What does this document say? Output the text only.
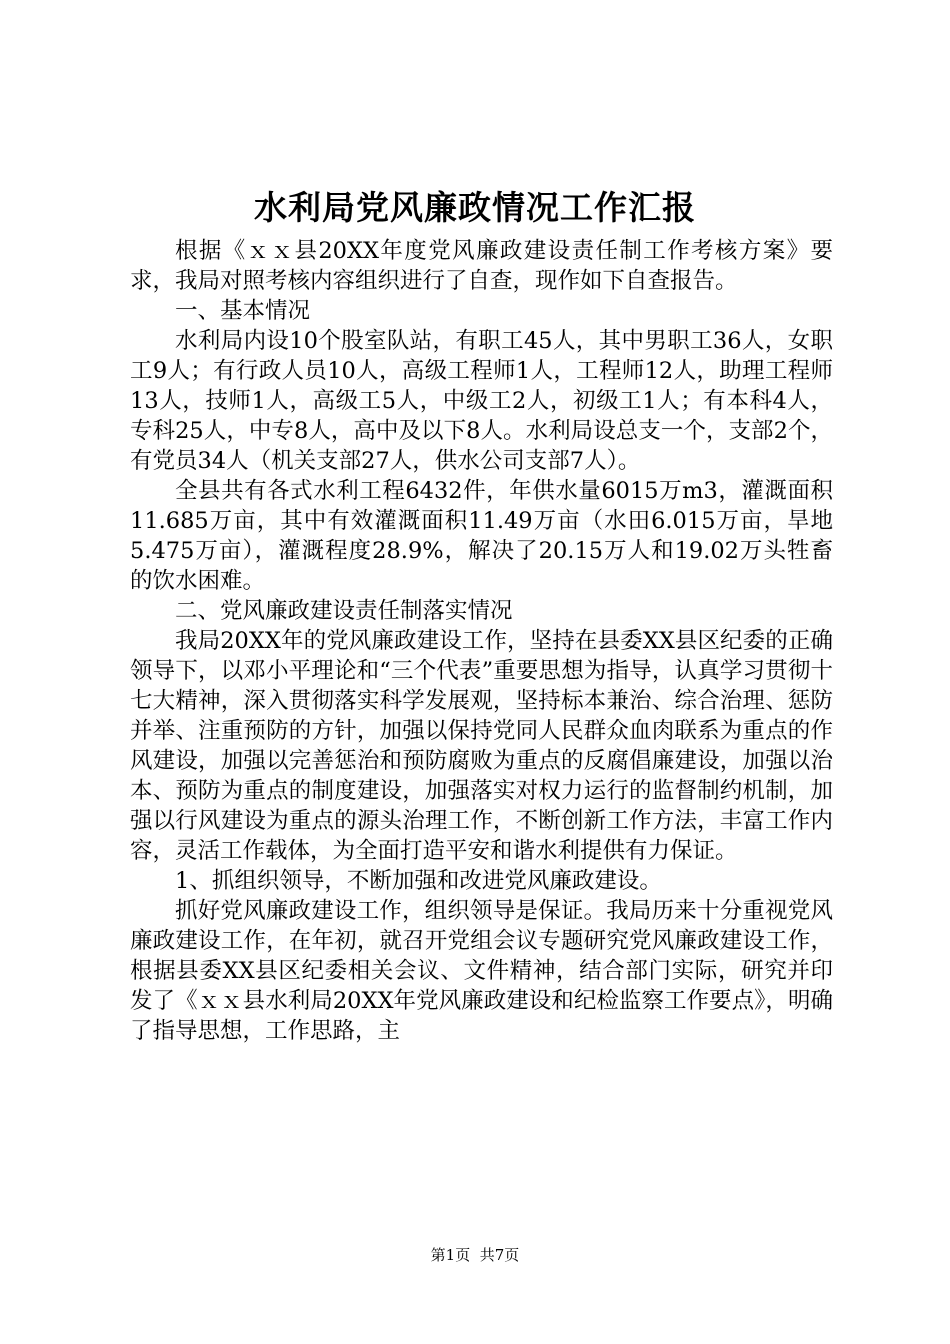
水利局党风廉政情况工作汇报

根据《ｘｘ县20XX年度党风廉政建设责任制工作考核方案》要求，我局对照考核内容组织进行了自查，现作如下自查报告。

一、基本情况

水利局内设10个股室队站，有职工45人，其中男职工36人，女职工9人；有行政人员10人，高级工程师1人，工程师12人，助理工程师13人，技师1人，高级工5人，中级工2人，初级工1人；有本科4人，专科25人，中专8人，高中及以下8人。水利局设总支一个，支部2个，有党员34人（机关支部27人，供水公司支部7人）。

全县共有各式水利工程6432件，年供水量6015万m3，灌溉面积11.685万亩，其中有效灌溉面积11.49万亩（水田6.015万亩，旱地5.475万亩），灌溉程度28.9%，解决了20.15万人和19.02万头牲畜的饮水困难。

二、党风廉政建设责任制落实情况

我局20XX年的党风廉政建设工作，坚持在县委XX县区纪委的正确领导下，以邓小平理论和“三个代表”重要思想为指导，认真学习贯彻十七大精神，深入贯彻落实科学发展观，坚持标本兼治、综合治理、惩防并举、注重预防的方针，加强以保持党同人民群众血肉联系为重点的作风建设，加强以完善惩治和预防腐败为重点的反腐倡廉建设，加强以治本、预防为重点的制度建设，加强落实对权力运行的监督制约机制，加强以行风建设为重点的源头治理工作，不断创新工作方法，丰富工作内容，灵活工作载体，为全面打造平安和谐水利提供有力保证。

1、抓组织领导，不断加强和改进党风廉政建设。

抓好党风廉政建设工作，组织领导是保证。我局历来十分重视党风廉政建设工作，在年初，就召开党组会议专题研究党风廉政建设工作，根据县委XX县区纪委相关会议、文件精神，结合部门实际，研究并印发了《ｘｘ县水利局20XX年党风廉政建设和纪检监察工作要点》，明确了指导思想，工作思路，主

第1页 共7页
